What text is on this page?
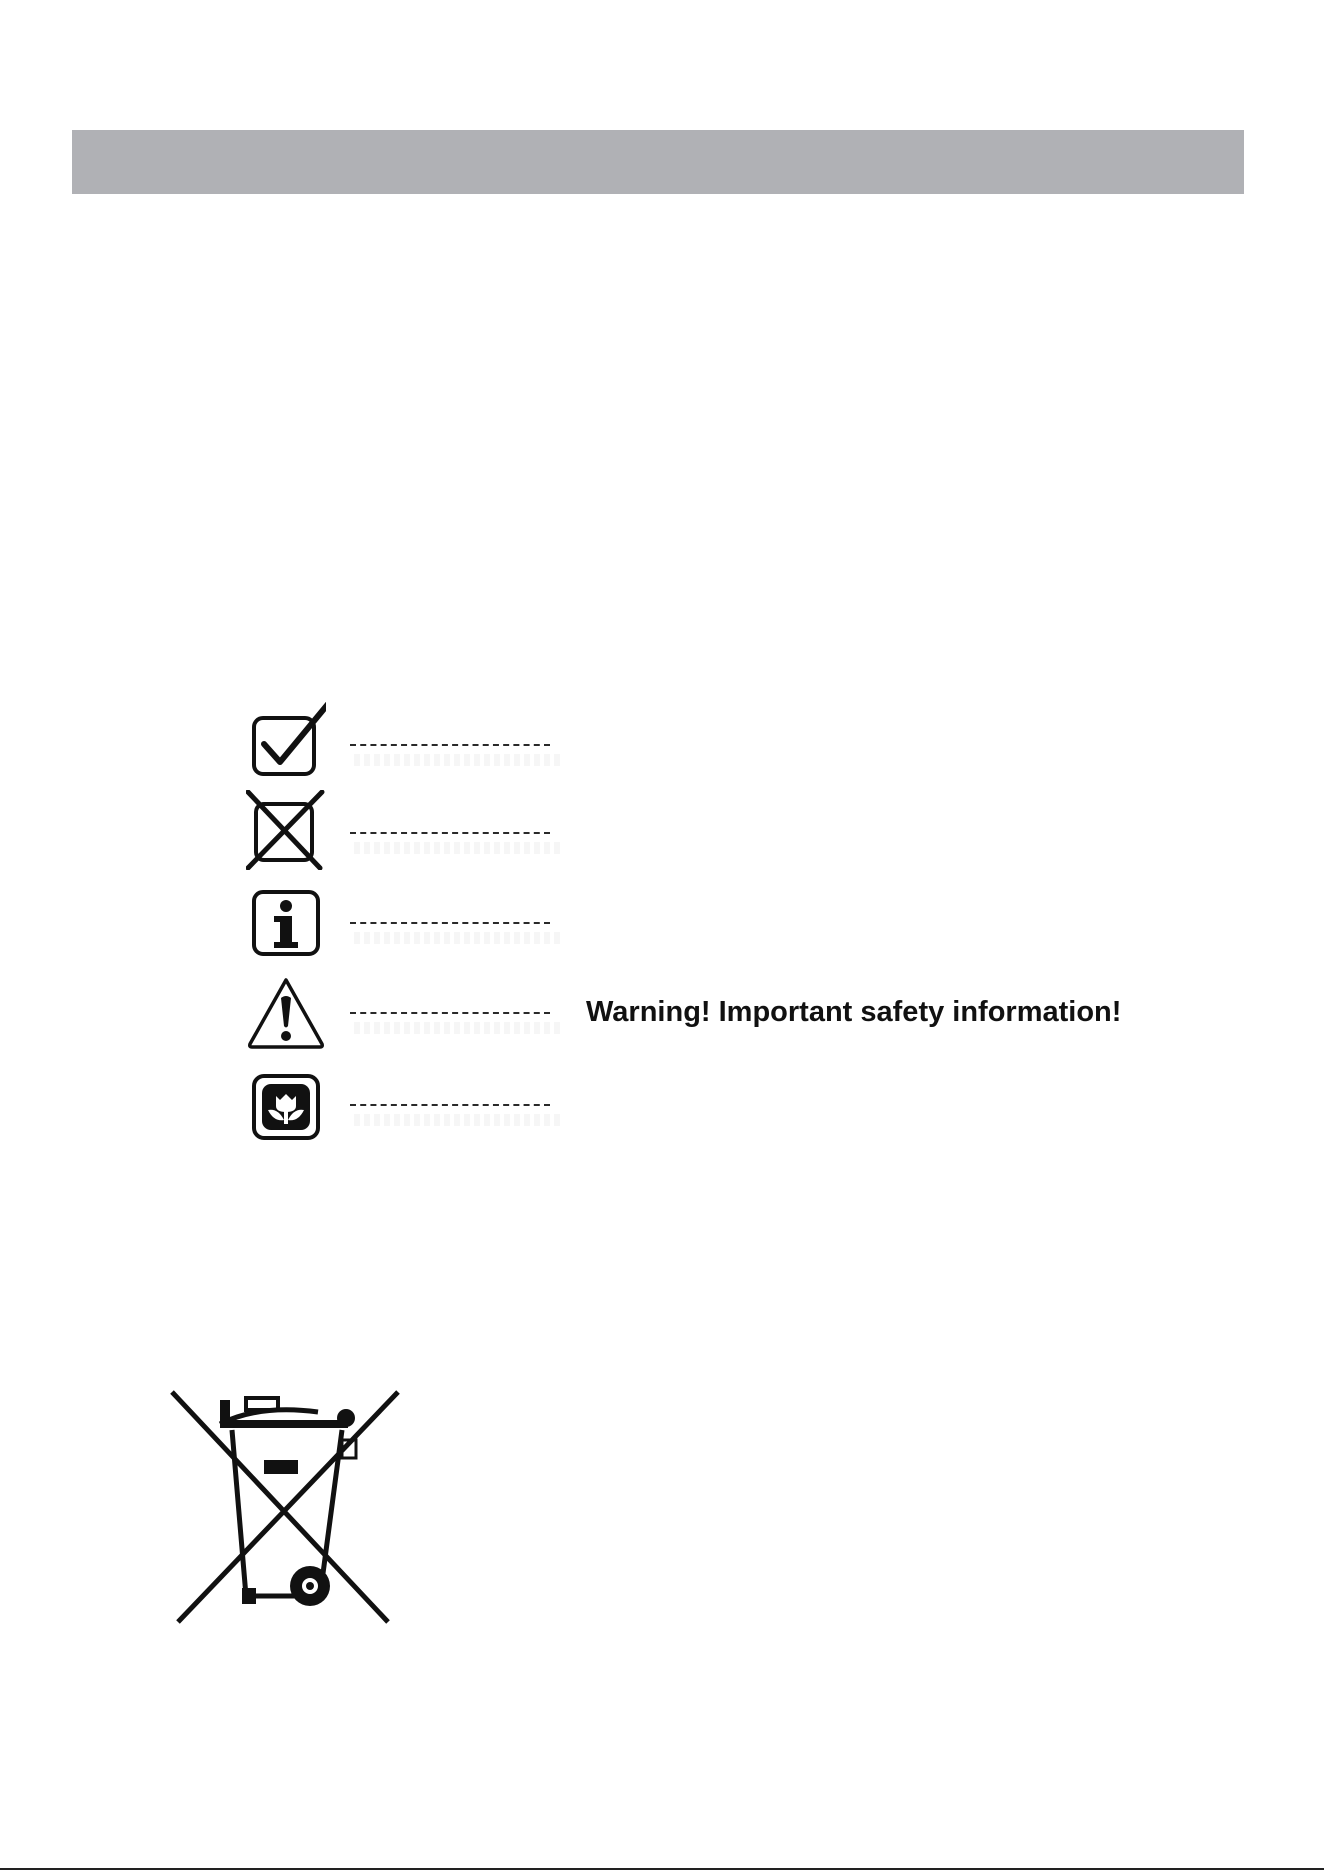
Warning! Important safety information!
